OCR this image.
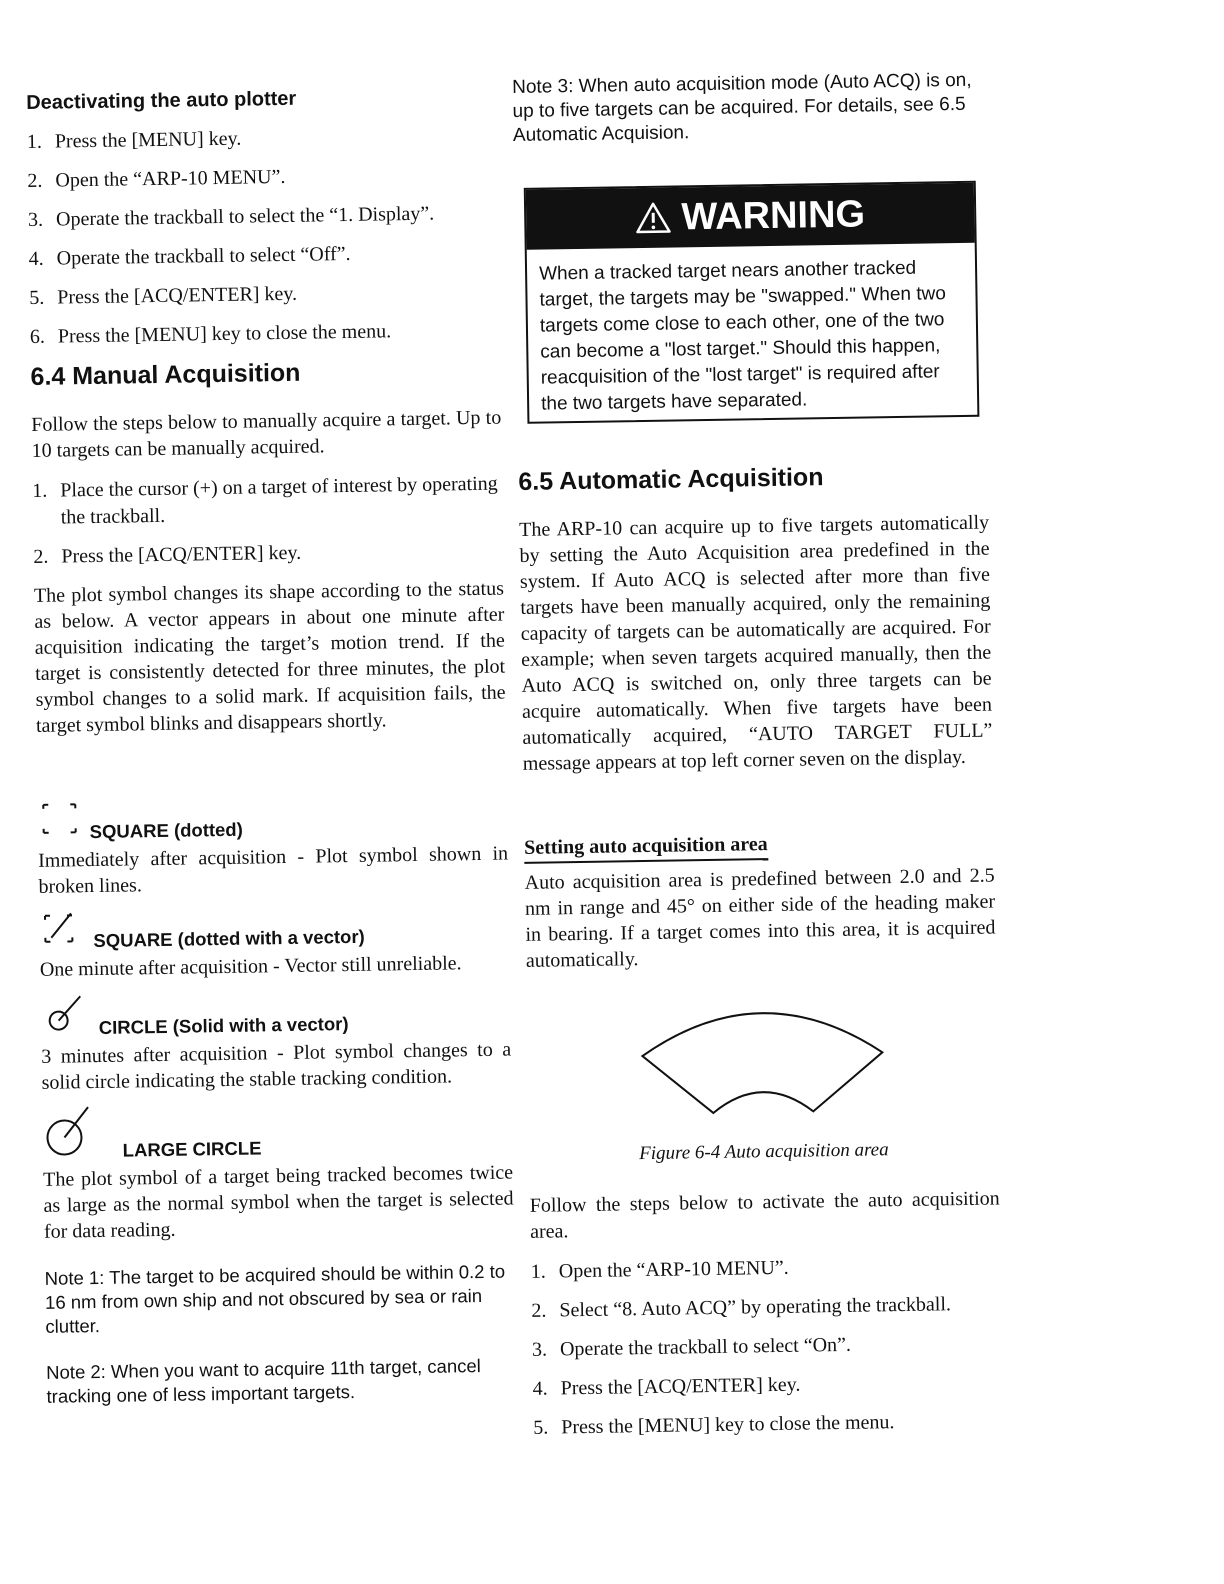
Deactivating the auto plotter
1. Press the [MENU] key.
2. Open the “ARP-10 MENU”.
3. Operate the trackball to select the “1. Display”.
4. Operate the trackball to select “Off”.
5. Press the [ACQ/ENTER] key.
6. Press the [MENU] key to close the menu.
6.4 Manual Acquisition

Follow the steps below to manually acquire a target. Up to 10 targets can be manually acquired.

1. Place the cursor (+) on a target of interest by operating the trackball.
2. Press the [ACQ/ENTER] key.

The plot symbol changes its shape according to the status as below. A vector appears in about one minute after acquisition indicating the target’s motion trend. If the target is consistently detected for three minutes, the plot symbol changes to a solid mark. If acquisition fails, the target symbol blinks and disappears shortly.

SQUARE (dotted)

Immediately after acquisition - Plot symbol shown in broken lines.

SQUARE (dotted with a vector)

One minute after acquisition - Vector still unreliable.

CIRCLE (Solid with a vector)

3 minutes after acquisition - Plot symbol changes to a solid circle indicating the stable tracking condition.

LARGE CIRCLE

The plot symbol of a target being tracked becomes twice as large as the normal symbol when the target is selected for data reading.

Note 1: The target to be acquired should be within 0.2 to 16 nm from own ship and not obscured by sea or rain clutter.

Note 2: When you want to acquire 11th target, cancel tracking one of less important targets.

Note 3: When auto acquisition mode (Auto ACQ) is on, up to five targets can be acquired. For details, see 6.5 Automatic Acquision.

WARNING
When a tracked target nears another tracked target, the targets may be "swapped." When two targets come close to each other, one of the two can become a "lost target." Should this happen, reacquisition of the "lost target" is required after the two targets have separated.
6.5 Automatic Acquisition

The ARP-10 can acquire up to five targets automatically by setting the Auto Acquisition area predefined in the system. If Auto ACQ is selected after more than five targets have been manually acquired, only the remaining capacity of targets can be automatically are acquired. For example; when seven targets acquired manually, then the Auto ACQ is switched on, only three targets can be acquire automatically. When five targets have been automatically acquired, “AUTO TARGET FULL” message appears at top left corner seven on the display.

Setting auto acquisition area

Auto acquisition area is predefined between 2.0 and 2.5 nm in range and 45° on either side of the heading maker in bearing. If a target comes into this area, it is acquired automatically.

Figure 6-4 Auto acquisition area

Follow the steps below to activate the auto acquisition area.

1. Open the “ARP-10 MENU”.
2. Select “8. Auto ACQ” by operating the trackball.
3. Operate the trackball to select “On”.
4. Press the [ACQ/ENTER] key.
5. Press the [MENU] key to close the menu.
